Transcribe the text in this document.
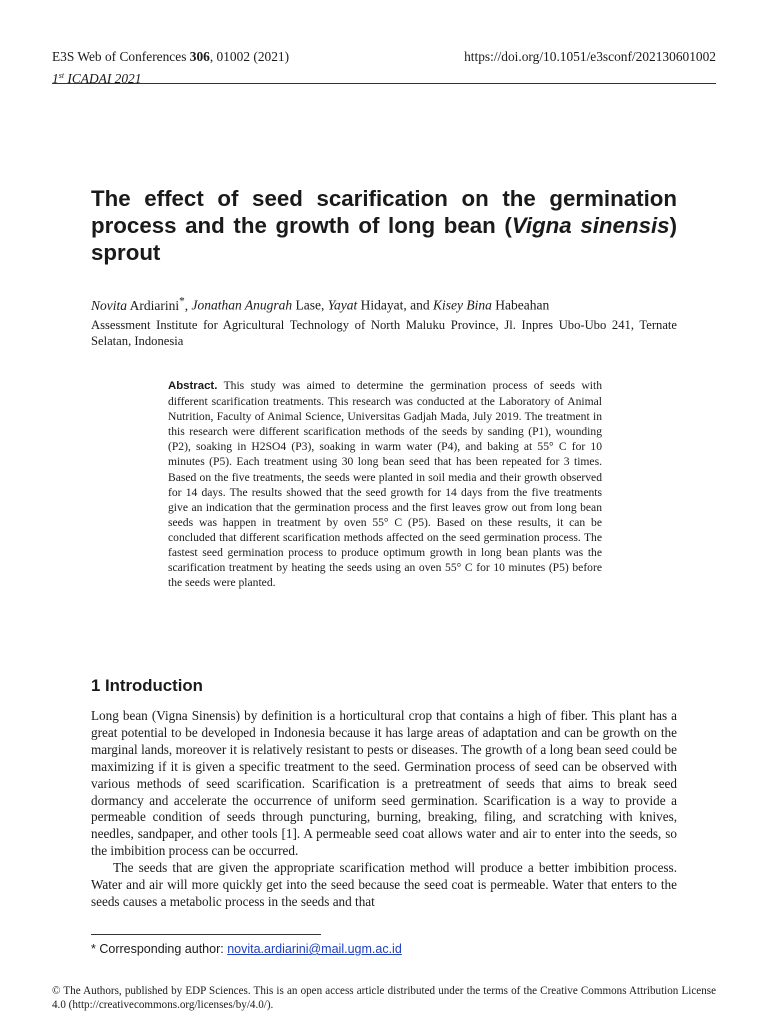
E3S Web of Conferences 306, 01002 (2021)
1st ICADAI 2021
https://doi.org/10.1051/e3sconf/202130601002
The effect of seed scarification on the germination process and the growth of long bean (Vigna sinensis) sprout
Novita Ardiarini*, Jonathan Anugrah Lase, Yayat Hidayat, and Kisey Bina Habeahan
Assessment Institute for Agricultural Technology of North Maluku Province, Jl. Inpres Ubo-Ubo 241, Ternate Selatan, Indonesia
Abstract. This study was aimed to determine the germination process of seeds with different scarification treatments. This research was conducted at the Laboratory of Animal Nutrition, Faculty of Animal Science, Universitas Gadjah Mada, July 2019. The treatment in this research were different scarification methods of the seeds by sanding (P1), wounding (P2), soaking in H2SO4 (P3), soaking in warm water (P4), and baking at 55° C for 10 minutes (P5). Each treatment using 30 long bean seed that has been repeated for 3 times. Based on the five treatments, the seeds were planted in soil media and their growth observed for 14 days. The results showed that the seed growth for 14 days from the five treatments give an indication that the germination process and the first leaves grow out from long bean seeds was happen in treatment by oven 55° C (P5). Based on these results, it can be concluded that different scarification methods affected on the seed germination process. The fastest seed germination process to produce optimum growth in long bean plants was the scarification treatment by heating the seeds using an oven 55° C for 10 minutes (P5) before the seeds were planted.
1 Introduction

Long bean (Vigna Sinensis) by definition is a horticultural crop that contains a high of fiber. This plant has a great potential to be developed in Indonesia because it has large areas of adaptation and can be growth on the marginal lands, moreover it is relatively resistant to pests or diseases. The growth of a long bean seed could be maximizing if it is given a specific treatment to the seed. Germination process of seed can be observed with various methods of seed scarification. Scarification is a pretreatment of seeds that aims to break seed dormancy and accelerate the occurrence of uniform seed germination. Scarification is a way to provide a permeable condition of seeds through puncturing, burning, breaking, filing, and scratching with knives, needles, sandpaper, and other tools [1]. A permeable seed coat allows water and air to enter into the seeds, so the imbibition process can be occurred.

The seeds that are given the appropriate scarification method will produce a better imbibition process. Water and air will more quickly get into the seed because the seed coat is permeable. Water that enters to the seeds causes a metabolic process in the seeds and that

* Corresponding author: novita.ardiarini@mail.ugm.ac.id
© The Authors, published by EDP Sciences. This is an open access article distributed under the terms of the Creative Commons Attribution License 4.0 (http://creativecommons.org/licenses/by/4.0/).
